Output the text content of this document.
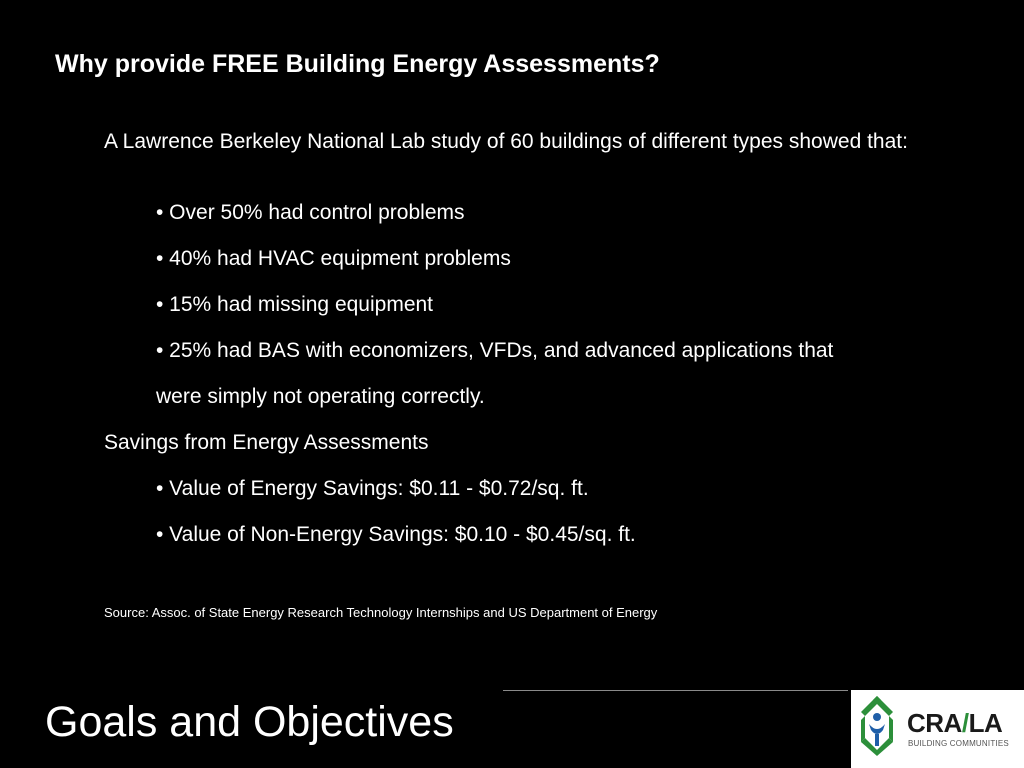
Why provide FREE Building Energy Assessments?
A Lawrence Berkeley National Lab study of 60 buildings of different types showed that:
• Over 50% had control problems
• 40% had HVAC equipment problems
• 15% had missing equipment
• 25% had BAS with economizers, VFDs, and advanced applications that
were simply not operating correctly.
Savings from Energy Assessments
• Value of Energy Savings: $0.11 - $0.72/sq. ft.
• Value of Non-Energy Savings: $0.10 - $0.45/sq. ft.
Source: Assoc. of State Energy Research Technology Internships and US Department of Energy
Goals and Objectives	CRA/LA
BUILDING COMMUNITIES
